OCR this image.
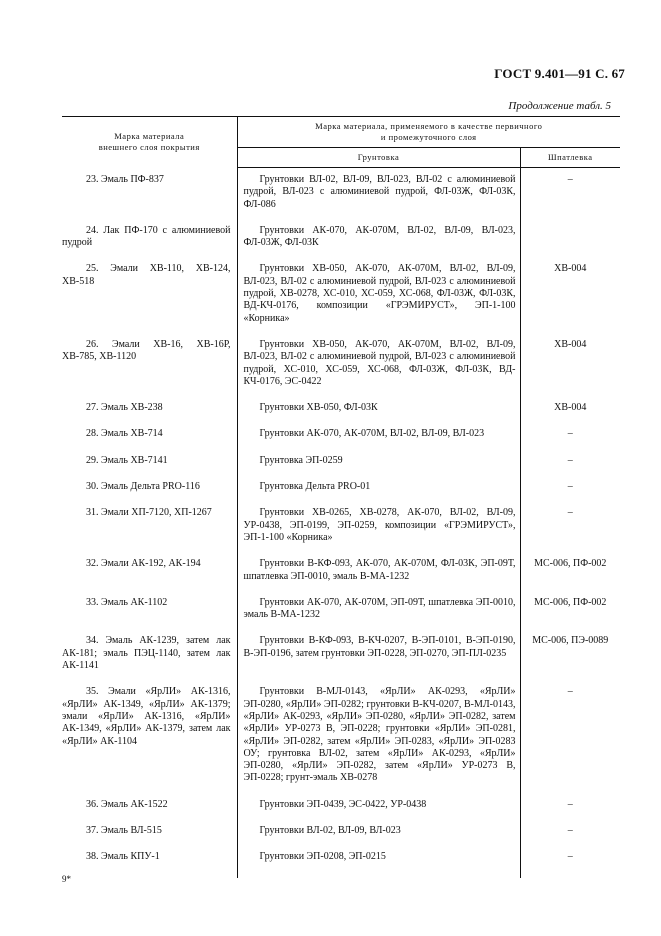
ГОСТ 9.401—91 С. 67
Продолжение табл. 5
Марка материала
внешнего слоя покрытия	Марка материала, применяемого в качестве первичного
и промежуточного слоя	
	Грунтовка	Шпатлевка

23. Эмаль ПФ-837	Грунтовки ВЛ-02, ВЛ-09, ВЛ-023, ВЛ-02 с алюминиевой пудрой, ВЛ-023 с алюминиевой пудрой, ФЛ-03Ж, ФЛ-03К, ФЛ-086	–

24. Лак ПФ-170 с алюминиевой пудрой	Грунтовки АК-070, АК-070М, ВЛ-02, ВЛ-09, ВЛ-023, ФЛ-03Ж, ФЛ-03К	

25. Эмали ХВ-110, ХВ-124, ХВ-518	Грунтовки ХВ-050, АК-070, АК-070М, ВЛ-02, ВЛ-09, ВЛ-023, ВЛ-02 с алюминиевой пудрой, ВЛ-023 с алюминиевой пудрой, ХВ-0278, ХС-010, ХС-059, ХС-068, ФЛ-03Ж, ФЛ-03К, ВД-КЧ-0176, композиции «ГРЭМИРУСТ», ЭП-1-100 «Корника»	ХВ-004

26. Эмали ХВ-16, ХВ-16Р, ХВ-785, ХВ-1120	Грунтовки ХВ-050, АК-070, АК-070М, ВЛ-02, ВЛ-09, ВЛ-023, ВЛ-02 с алюминиевой пудрой, ВЛ-023 с алюминиевой пудрой, ХС-010, ХС-059, ХС-068, ФЛ-03Ж, ФЛ-03К, ВД-КЧ-0176, ЭС-0422	ХВ-004

27. Эмаль ХВ-238	Грунтовки ХВ-050, ФЛ-03К	ХВ-004

28. Эмаль ХВ-714	Грунтовки АК-070, АК-070М, ВЛ-02, ВЛ-09, ВЛ-023	–

29. Эмаль ХВ-7141	Грунтовка ЭП-0259	–

30. Эмаль Дельта PRO-116	Грунтовка Дельта PRO-01	–

31. Эмали ХП-7120, ХП-1267	Грунтовки ХВ-0265, ХВ-0278, АК-070, ВЛ-02, ВЛ-09, УР-0438, ЭП-0199, ЭП-0259, композиции «ГРЭМИРУСТ», ЭП-1-100 «Корника»	–

32. Эмали АК-192, АК-194	Грунтовки В-КФ-093, АК-070, АК-070М, ФЛ-03К, ЭП-09Т, шпатлевка ЭП-0010, эмаль В-МА-1232	МС-006, ПФ-002

33. Эмаль АК-1102	Грунтовки АК-070, АК-070М, ЭП-09Т, шпатлевка ЭП-0010, эмаль В-МА-1232	МС-006, ПФ-002

34. Эмаль АК-1239, затем лак АК-181; эмаль ПЭЦ-1140, затем лак АК-1141	Грунтовки В-КФ-093, В-КЧ-0207, В-ЭП-0101, В-ЭП-0190, В-ЭП-0196, затем грунтовки ЭП-0228, ЭП-0270, ЭП-ПЛ-0235	МС-006, ПЭ-0089

35. Эмали «ЯрЛИ» АК-1316, «ЯрЛИ» АК-1349, «ЯрЛИ» АК-1379; эмали «ЯрЛИ» АК-1316, «ЯрЛИ» АК-1349, «ЯрЛИ» АК-1379, затем лак «ЯрЛИ» АК-1104	Грунтовки В-МЛ-0143, «ЯрЛИ» АК-0293, «ЯрЛИ» ЭП-0280, «ЯрЛИ» ЭП-0282; грунтовки В-КЧ-0207, В-МЛ-0143, «ЯрЛИ» АК-0293, «ЯрЛИ» ЭП-0280, «ЯрЛИ» ЭП-0282, затем «ЯрЛИ» УР-0273 В, ЭП-0228; грунтовки «ЯрЛИ» ЭП-0281, «ЯрЛИ» ЭП-0282, затем «ЯрЛИ» ЭП-0283, «ЯрЛИ» ЭП-0283 ОУ; грунтовка ВЛ-02, затем «ЯрЛИ» АК-0293, «ЯрЛИ» ЭП-0280, «ЯрЛИ» ЭП-0282, затем «ЯрЛИ» УР-0273 В, ЭП-0228; грунт-эмаль ХВ-0278	–

36. Эмаль АК-1522	Грунтовки ЭП-0439, ЭС-0422, УР-0438	–

37. Эмаль ВЛ-515	Грунтовки ВЛ-02, ВЛ-09, ВЛ-023	–

38. Эмаль КПУ-1	Грунтовки ЭП-0208, ЭП-0215	–
9*
